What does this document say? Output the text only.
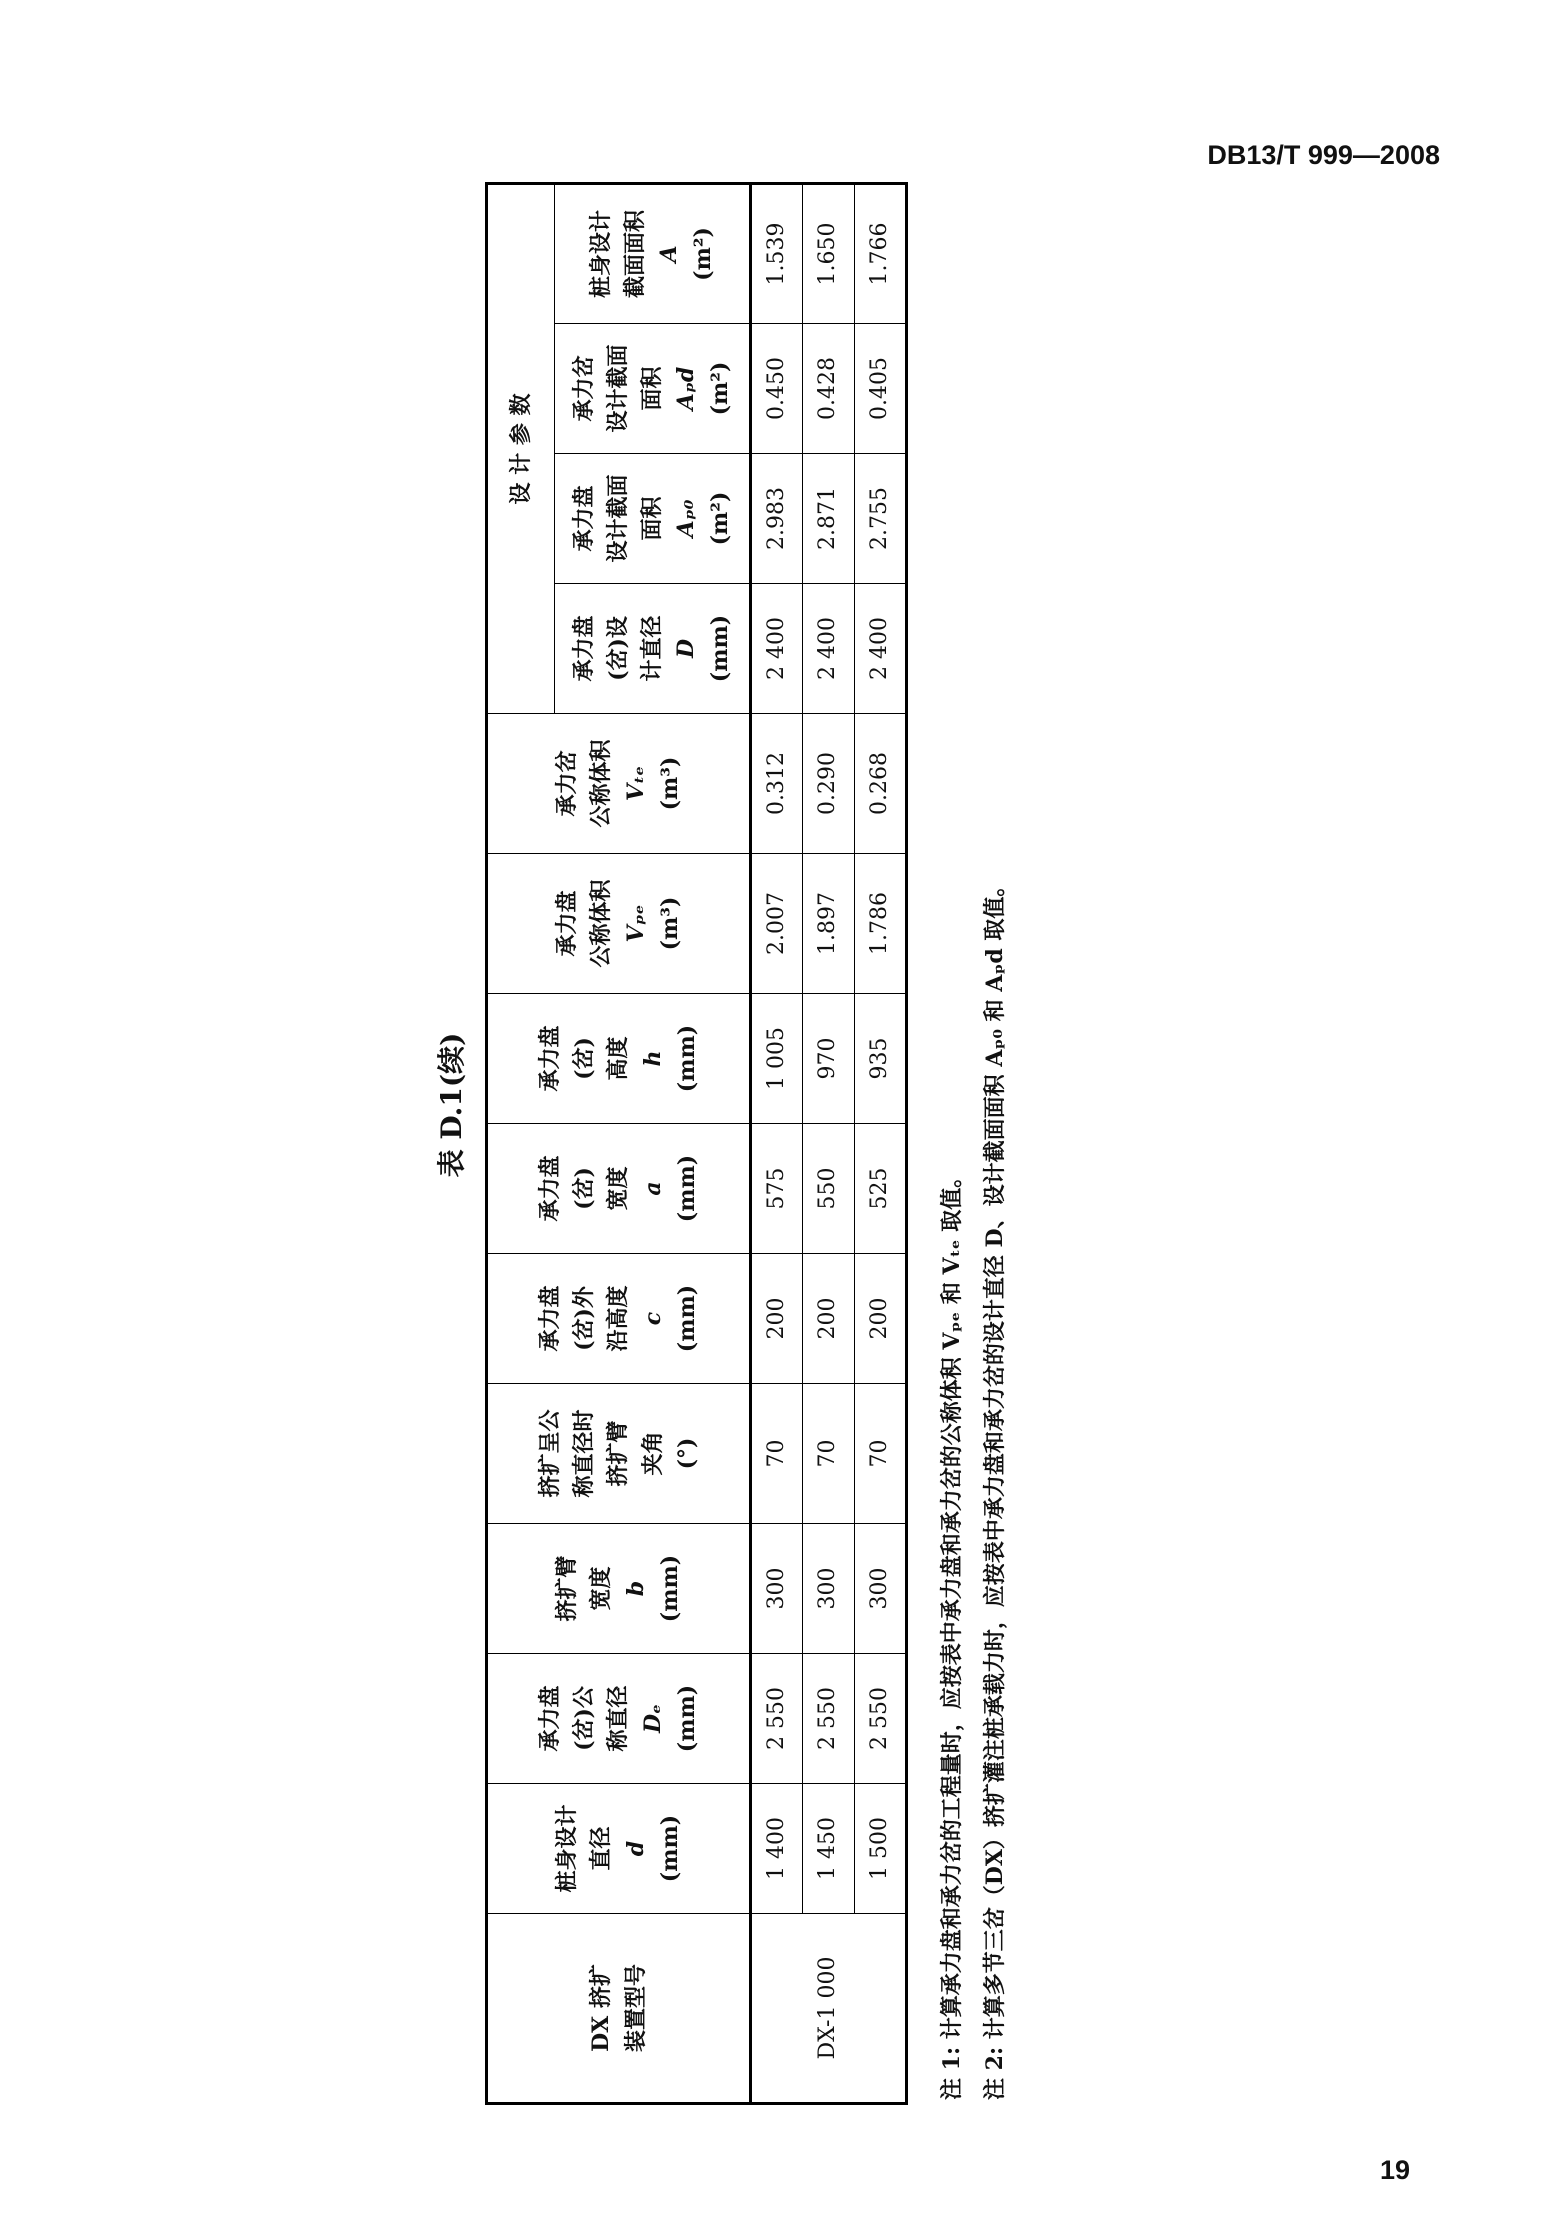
DB13/T 999—2008
表 D.1(续)
DX 挤扩 装置型号	桩身设计 直径 d (mm)	承力盘 (岔)公 称直径 Dₑ (mm)	挤扩臂 宽度 b (mm)	挤扩呈公 称直径时 挤扩臂 夹角 (°)	承力盘 (岔)外 沿高度 c (mm)	承力盘 (岔) 宽度 a (mm)	承力盘 (岔) 高度 h (mm)	承力盘 公称体积 Vₚₑ (m³)	承力岔 公称体积 Vₜₑ (m³)	设 计 参 数			

										承力盘 (岔)设 计直径 D (mm)	承力盘 设计截面 面积 Aₚ₀ (m²)	承力岔 设计截面 面积 Aₚd (m²)	桩身设计 截面面积 A (m²)

DX-1 000	1 400	2 550	300	70	200	575	1 005	2.007	0.312	2 400	2.983	0.450	1.539
	1 450	2 550	300	70	200	550	970	1.897	0.290	2 400	2.871	0.428	1.650
	1 500	2 550	300	70	200	525	935	1.786	0.268	2 400	2.755	0.405	1.766
注 1: 计算承力盘和承力岔的工程量时，应按表中承力盘和承力岔的公称体积 Vₚₑ 和 Vₜₑ 取值。 注 2: 计算多节三岔（DX）挤扩灌注桩承载力时，应按表中承力盘和承力岔的设计直径 D、设计截面面积 Aₚ₀ 和 Aₚd 取值。
19
